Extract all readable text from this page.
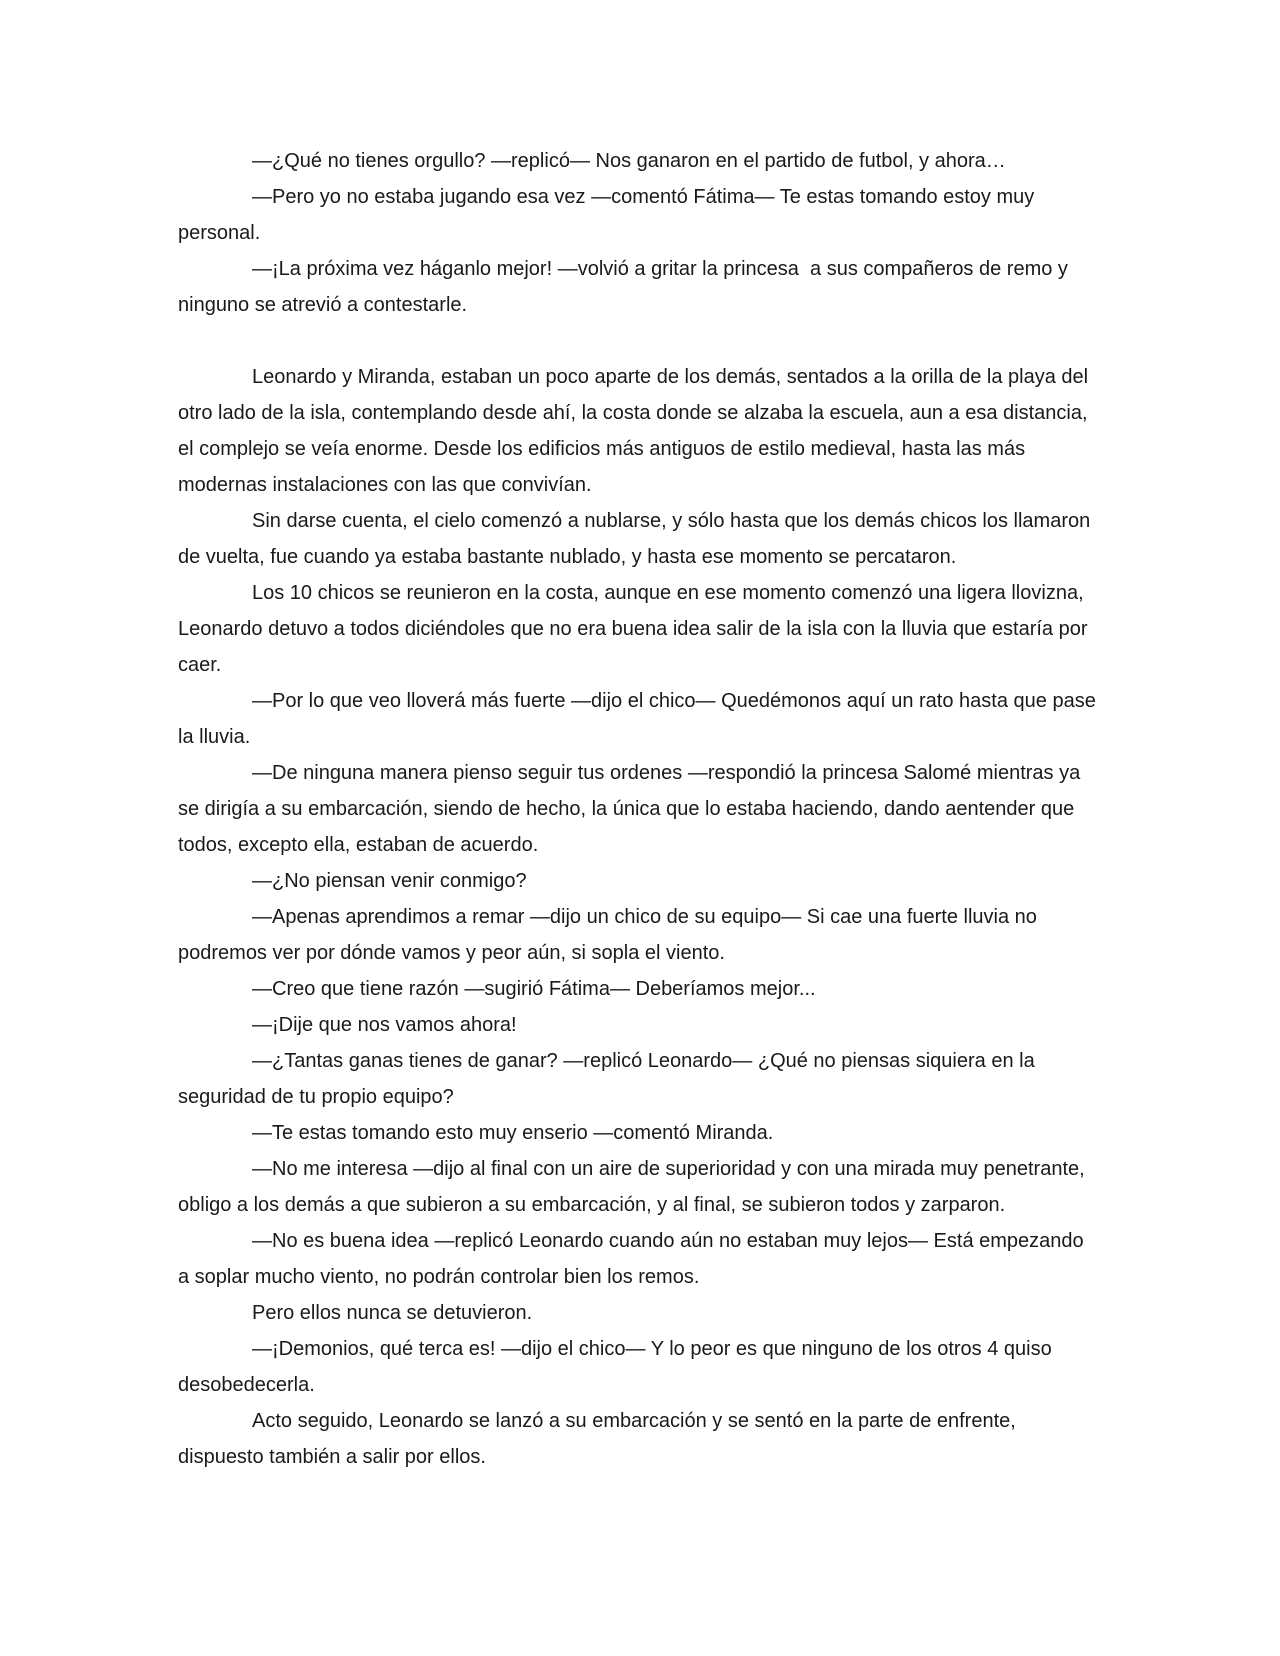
—¿Qué no tienes orgullo? —replicó— Nos ganaron en el partido de futbol, y ahora…

—Pero yo no estaba jugando esa vez —comentó Fátima— Te estas tomando estoy muy personal.

—¡La próxima vez háganlo mejor! —volvió a gritar la princesa  a sus compañeros de remo y ninguno se atrevió a contestarle.

Leonardo y Miranda, estaban un poco aparte de los demás, sentados a la orilla de la playa del otro lado de la isla, contemplando desde ahí, la costa donde se alzaba la escuela, aun a esa distancia, el complejo se veía enorme. Desde los edificios más antiguos de estilo medieval, hasta las más modernas instalaciones con las que convivían.

Sin darse cuenta, el cielo comenzó a nublarse, y sólo hasta que los demás chicos los llamaron de vuelta, fue cuando ya estaba bastante nublado, y hasta ese momento se percataron.

Los 10 chicos se reunieron en la costa, aunque en ese momento comenzó una ligera llovizna, Leonardo detuvo a todos diciéndoles que no era buena idea salir de la isla con la lluvia que estaría por caer.

—Por lo que veo lloverá más fuerte —dijo el chico— Quedémonos aquí un rato hasta que pase la lluvia.

—De ninguna manera pienso seguir tus ordenes —respondió la princesa Salomé mientras ya se dirigía a su embarcación, siendo de hecho, la única que lo estaba haciendo, dando aentender que todos, excepto ella, estaban de acuerdo.

—¿No piensan venir conmigo?

—Apenas aprendimos a remar —dijo un chico de su equipo— Si cae una fuerte lluvia no podremos ver por dónde vamos y peor aún, si sopla el viento.

—Creo que tiene razón —sugirió Fátima— Deberíamos mejor...

—¡Dije que nos vamos ahora!

—¿Tantas ganas tienes de ganar? —replicó Leonardo— ¿Qué no piensas siquiera en la seguridad de tu propio equipo?

—Te estas tomando esto muy enserio —comentó Miranda.

—No me interesa —dijo al final con un aire de superioridad y con una mirada muy penetrante, obligo a los demás a que subieron a su embarcación, y al final, se subieron todos y zarparon.

—No es buena idea —replicó Leonardo cuando aún no estaban muy lejos— Está empezando a soplar mucho viento, no podrán controlar bien los remos.

Pero ellos nunca se detuvieron.

—¡Demonios, qué terca es! —dijo el chico— Y lo peor es que ninguno de los otros 4 quiso desobedecerla.

Acto seguido, Leonardo se lanzó a su embarcación y se sentó en la parte de enfrente, dispuesto también a salir por ellos.
